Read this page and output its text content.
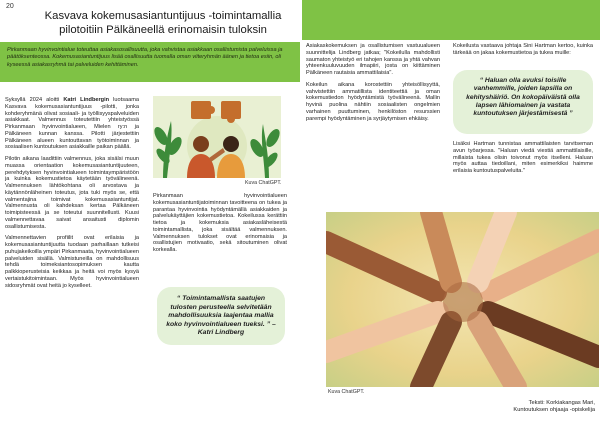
20
Kasvava kokemusasiantuntijuus -toimintamallia
pilotoitiin Pälkäneellä erinomaisin tuloksin
Pirkanmaan hyvinvointialue toteuttaa asiakasosallisuutta, joka vahvistaa asiakkaan osallistumista palveluissa ja päätöksenteossa. Kokemusasiantuntijuus lisää osallisuutta tuomalla oman viiteryhmän äänen ja tietoa esiin, oli kyseessä asiakasryhmä tai palveluiden kehittäminen.

Syksyllä 2024 aloitti Katri Lindbergin luotsaama Kasvava kokemusasiantuntijuus -pilotti, jonka kohderyhmänä olivat sosiaali- ja työllisyyspalveluiden asiakkaat. Valmennus toteutettiin yhteistyössä Pirkanmaan hyvinvointialueen, Mielen ry:n ja Pälkäneen kunnan kanssa. Pilotti järjestettiin Pälkäneen alueen kuntouttavan työtoiminnan ja sosiaalisen kuntoutuksen asiakkaille paikan päällä.

Pilotin aikana laadittiin valmennus, joka sisälsi muun muassa orientaation kokemusasiantuntijuuteen, perehdytyksen hyvinvointialueen toimintaympäristöön ja kuinka kokemustietoa käytetään työvälineenä. Valmennuksen lähtökohtana oli arvostava ja käytännönläheinen toteutus, jota tuki myös se, että valmentajina toimivat kokemusasiantuntijat. Valmennusta oli kahdeksan kertaa Pälkäneen toimipisteessä ja se toteutui suunnitellusti. Kuusi valmennettavaa saivat ansaitusti diplomin osallistumisesta.

Valmennettavien profiilit ovat erilaisia ja kokemusasiantuntijuutta tuodaan parhaillaan tutkeisi puhujakeikoilla ympäri Pirkanmaata, hyvinvointialueen palveluiden sisällä. Valmistuneilla on mahdollisuus tehdä toimeksiantosopimuksen kautta palkkioperusteisia keikkaa ja heitä voi myös kysyä vertaistukitoimintaan. Myös hyvinvointialueen sidosryhmät ovat heitä jo kyselleet.

Kuva ChatGPT.
Pirkanmaan hyvinvointialueen kokemusasiantuntijatoiminnan tavoitteena on tukea ja parantaa hyvinvointia hyödyntämällä asiakkaiden ja palvelukäyttäjien kokemustietoa. Kokeilussa kerättiin tietoa ja kokemuksia asiakasläheisestä toimintamallista, joka sisältää valmennuksen. Valmennuksen tulokset ovat erinomaisia ja osallistujien motivaatio, sekä sitoutuminen olivat korkealla.
“ Toimintamallista saatujen tulosten perusteella selvitetään mahdollisuuksia laajentaa mallia koko hyvinvointialueen tueksi. ” – Katri Lindberg

Asiakaskokemuksen ja osallistumisen vastuualueen suunnittelija Lindberg jatkaa; "Kokeilulla mahdollisti saumaton yhteistyö eri tahojen kanssa ja yhtä vahvan yhteenkuuluvuuden ilmapiiri, josta on kiittäminen Pälkäneen rautaisia ammattilaisia".

Kokeilun aikana korostettiin yhteisöllisyyttä, vahvistettiin ammatillista identiteettiä ja oman kokemustiedon hyödyntämistä työvälineenä. Mallin hyvinä puolina nähtiin sosiaalisten ongelmien varhainen puuttuminen, henkilöston resurssien parempi hyödyntäminen ja syrjäytymisen ehkäisy.

Kokeilusta vastaava johtaja Sini Hartman kertoo, kuinka tärkeää on jakaa kokemustietoa ja tukea muille:
“ Haluan olla avuksi toisille vanhemmille, joiden lapsilla on kehityshäiriö. On kokopäiväistä olla lapsen lähiomainen ja vastata kuntoutuksen järjestämisestä ”
Lisäksi Hartman tunnistaa ammattilaisten tarvitseman avun työarjessa. "Haluan viedä viestiä ammattilaisille, millaista tukea olisin toivonut myös itselleni. Haluan myös auttaa tiedoillani, miten esimerkiksi haimme erilaisia kuntoutuspalveluita."
Kuva ChatGPT.
Teksti: Korkiakangas Mari,
Kuntoutuksen ohjaaja -opiskelija
